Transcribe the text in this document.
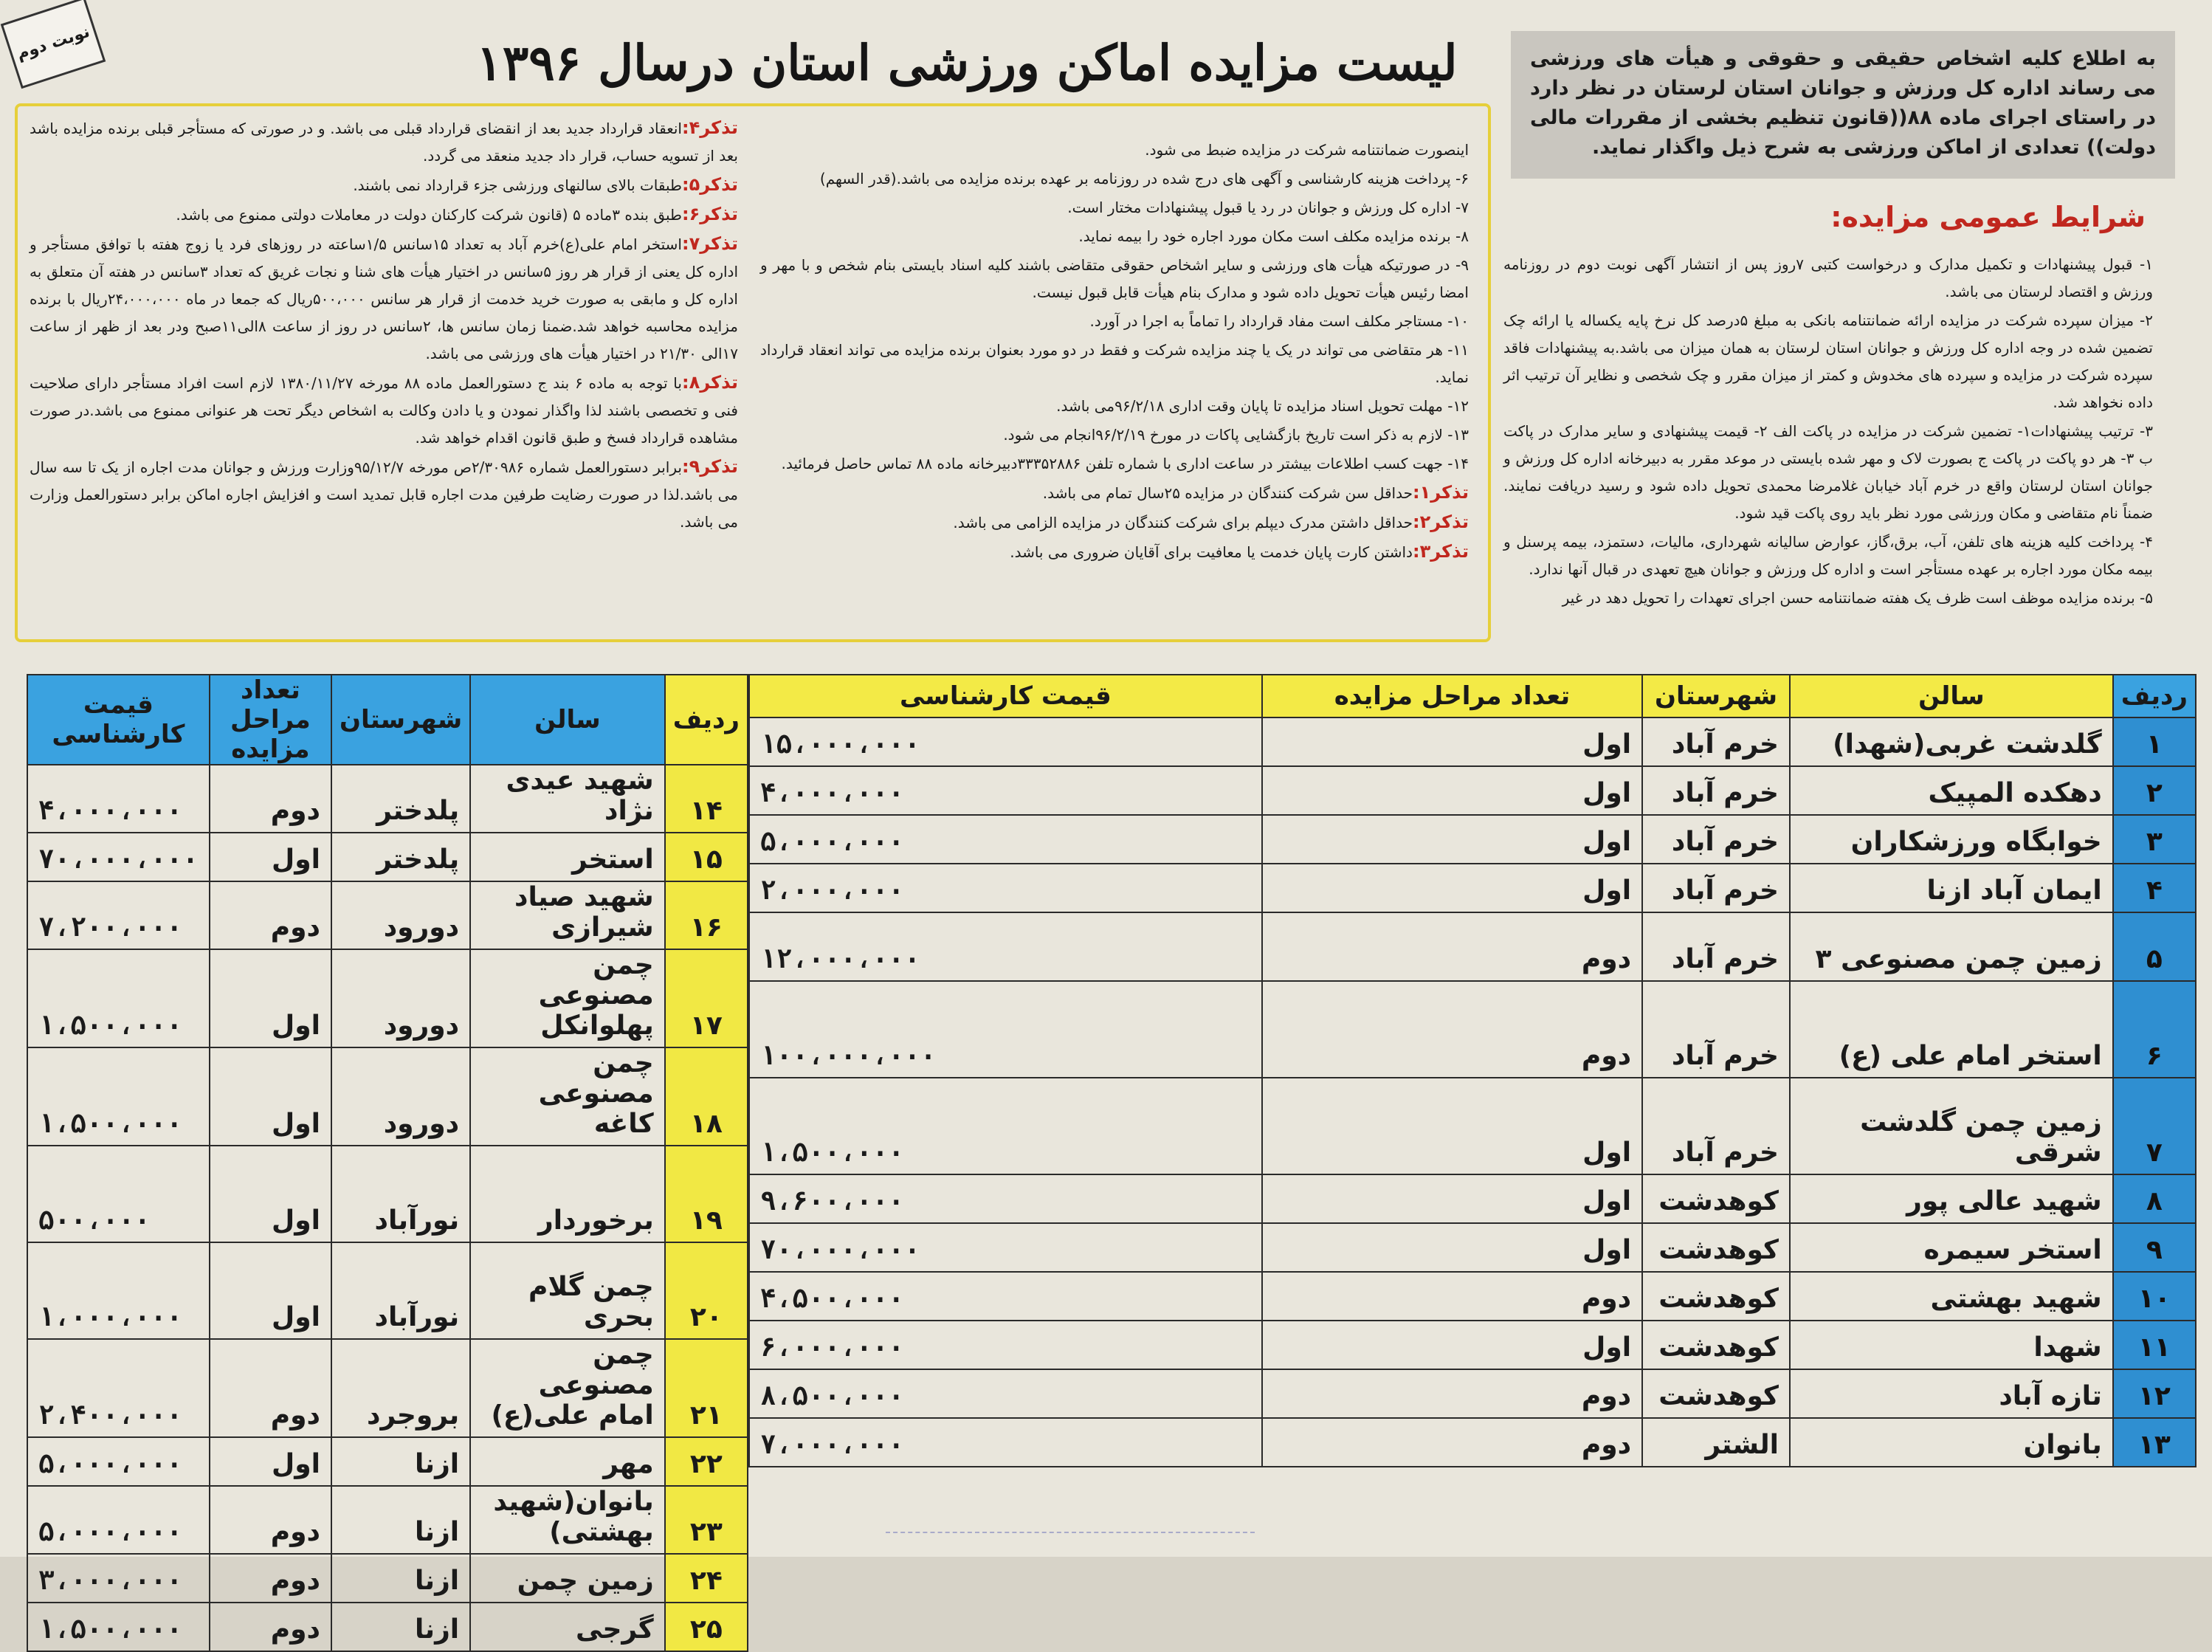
نوبت دوم	لیست مزایده اماکن ورزشی استان درسال ۱۳۹۶	به اطلاع کلیه اشخاص حقیقی و حقوقی و هیأت های ورزشی می رساند اداره کل ورزش و جوانان استان لرستان در نظر دارد در راستای اجرای ماده ۸۸((قانون تنظیم بخشی از مقررات مالی دولت)) تعدادی از اماکن ورزشی به شرح ذیل واگذار نماید.
شرایط عمومی مزایده:

۱- قبول پیشنهادات و تکمیل مدارک و درخواست کتبی ۷روز پس از انتشار آگهی نوبت دوم در روزنامه ورزش و اقتصاد لرستان می باشد.

۲- میزان سپرده شرکت در مزایده ارائه ضمانتنامه بانکی به مبلغ ۵درصد کل نرخ پایه یکساله یا ارائه چک تضمین شده در وجه اداره کل ورزش و جوانان استان لرستان به همان میزان می باشد.به پیشنهادات فاقد سپرده شرکت در مزایده و سپرده های مخدوش و کمتر از میزان مقرر و چک شخصی و نظایر آن ترتیب اثر داده نخواهد شد.

۳- ترتیب پیشنهادات۱- تضمین شرکت در مزایده در پاکت الف ۲- قیمت پیشنهادی و سایر مدارک در پاکت ب ۳- هر دو پاکت در پاکت ج بصورت لاک و مهر شده بایستی در موعد مقرر به دبیرخانه اداره کل ورزش و جوانان استان لرستان واقع در خرم آباد خیابان غلامرضا محمدی تحویل داده شود و رسید دریافت نمایند. ضمناً نام متقاضی و مکان ورزشی مورد نظر باید روی پاکت قید شود.

۴- پرداخت کلیه هزینه های تلفن، آب، برق،گاز، عوارض سالیانه شهرداری، مالیات، دستمزد، بیمه پرسنل و بیمه مکان مورد اجاره بر عهده مستأجر است و اداره کل ورزش و جوانان هیچ تعهدی در قبال آنها ندارد.

۵- برنده مزایده موظف است ظرف یک هفته ضمانتنامه حسن اجرای تعهدات را تحویل دهد در غیر

اینصورت ضمانتنامه شرکت در مزایده ضبط می شود.

۶- پرداخت هزینه کارشناسی و آگهی های درج شده در روزنامه بر عهده برنده مزایده می باشد.(قدر السهم)

۷- اداره کل ورزش و جوانان در رد یا قبول پیشنهادات مختار است.

۸- برنده مزایده مکلف است مکان مورد اجاره خود را بیمه نماید.

۹- در صورتیکه هیأت های ورزشی و سایر اشخاص حقوقی متقاضی باشند کلیه اسناد بایستی بنام شخص و با مهر و امضا رئیس هیأت تحویل داده شود و مدارک بنام هیأت قابل قبول نیست.

۱۰- مستاجر مکلف است مفاد قرارداد را تماماً به اجرا در آورد.

۱۱- هر متقاضی می تواند در یک یا چند مزایده شرکت و فقط در دو مورد بعنوان برنده مزایده می تواند انعقاد قرارداد نماید.

۱۲- مهلت تحویل اسناد مزایده تا پایان وقت اداری ۹۶/۲/۱۸می باشد.

۱۳- لازم به ذکر است تاریخ بازگشایی پاکات در مورخ ۹۶/۲/۱۹انجام می شود.

۱۴- جهت کسب اطلاعات بیشتر در ساعت اداری با شماره تلفن ۳۳۳۵۲۸۸۶دبیرخانه ماده ۸۸ تماس حاصل فرمائید.

تذکر۱:حداقل سن شرکت کنندگان در مزایده ۲۵سال تمام می باشد.

تذکر۲:حداقل داشتن مدرک دیپلم برای شرکت کنندگان در مزایده الزامی می باشد.

تذکر۳:داشتن کارت پایان خدمت یا معافیت برای آقایان ضروری می باشد.

تذکر۴:انعقاد قرارداد جدید بعد از انقضای قرارداد قبلی می باشد. و در صورتی که مستأجر قبلی برنده مزایده باشد بعد از تسویه حساب، قرار داد جدید منعقد می گردد.

تذکر۵:طبقات بالای سالنهای ورزشی جزء قرارداد نمی باشند.

تذکر۶:طبق بنده ۳ماده ۵ (قانون شرکت کارکنان دولت در معاملات دولتی ممنوع می باشد.

تذکر۷:استخر امام علی(ع)خرم آباد به تعداد ۱۵سانس ۱/۵ساعته در روزهای فرد یا زوج هفته با توافق مستأجر و اداره کل یعنی از قرار هر روز ۵سانس در اختیار هیأت های شنا و نجات غریق که تعداد ۳سانس در هفته آن متعلق به اداره کل و مابقی به صورت خرید خدمت از قرار هر سانس ۵۰۰،۰۰۰ریال که جمعا در ماه ۲۴،۰۰۰،۰۰۰ریال با برنده مزایده محاسبه خواهد شد.ضمنا زمان سانس ها، ۲سانس در روز از ساعت ۸الی۱۱صبح ودر بعد از ظهر از ساعت ۱۷الی ۲۱/۳۰ در اختیار هیأت های ورزشی می باشد.

تذکر۸:با توجه به ماده ۶ بند ج دستورالعمل ماده ۸۸ مورخه ۱۳۸۰/۱۱/۲۷ لازم است افراد مستأجر دارای صلاحیت فنی و تخصصی باشند لذا واگذار نمودن و یا دادن وکالت به اشخاص دیگر تحت هر عنوانی ممنوع می باشد.در صورت مشاهده قرارداد فسخ و طبق قانون اقدام خواهد شد.

تذکر۹:برابر دستورالعمل شماره ۲/۳۰۹۸۶ص مورخه ۹۵/۱۲/۷وزارت ورزش و جوانان مدت اجاره از یک تا سه سال می باشد.لذا در صورت رضایت طرفین مدت اجاره قابل تمدید است و افزایش اجاره اماکن برابر دستورالعمل وزارت می باشد.

ردیف	سالن	شهرستان	تعداد مراحل مزایده	قیمت کارشناسی
۱	گلدشت غربی(شهدا)	خرم آباد	اول	۱۵،۰۰۰،۰۰۰
۲	دهکده المپیک	خرم آباد	اول	۴،۰۰۰،۰۰۰
۳	خوابگاه ورزشکاران	خرم آباد	اول	۵،۰۰۰،۰۰۰
۴	ایمان آباد ازنا	خرم آباد	اول	۲،۰۰۰،۰۰۰
۵	زمین چمن مصنوعی ۳	خرم آباد	دوم	۱۲،۰۰۰،۰۰۰
۶	استخر امام علی (ع)	خرم آباد	دوم	۱۰۰،۰۰۰،۰۰۰
۷	زمین چمن گلدشت شرقی	خرم آباد	اول	۱،۵۰۰،۰۰۰
۸	شهید عالی پور	کوهدشت	اول	۹،۶۰۰،۰۰۰
۹	استخر سیمره	کوهدشت	اول	۷۰،۰۰۰،۰۰۰
۱۰	شهید بهشتی	کوهدشت	دوم	۴،۵۰۰،۰۰۰
۱۱	شهدا	کوهدشت	اول	۶،۰۰۰،۰۰۰
۱۲	تازه آباد	کوهدشت	دوم	۸،۵۰۰،۰۰۰
۱۳	بانوان	الشتر	دوم	۷،۰۰۰،۰۰۰
ردیف	سالن	شهرستان	تعداد مراحل مزایده	قیمت کارشناسی
۱۴	شهید عیدی نژاد	پلدختر	دوم	۴،۰۰۰،۰۰۰
۱۵	استخر	پلدختر	اول	۷۰،۰۰۰،۰۰۰
۱۶	شهید صیاد شیرازی	دورود	دوم	۷،۲۰۰،۰۰۰
۱۷	چمن مصنوعی پهلوانکل	دورود	اول	۱،۵۰۰،۰۰۰
۱۸	چمن مصنوعی کاغه	دورود	اول	۱،۵۰۰،۰۰۰
۱۹	برخوردار	نورآباد	اول	۵۰۰،۰۰۰
۲۰	چمن گلام بحری	نورآباد	اول	۱،۰۰۰،۰۰۰
۲۱	چمن مصنوعی امام علی(ع)	بروجرد	دوم	۲،۴۰۰،۰۰۰
۲۲	مهر	ازنا	اول	۵،۰۰۰،۰۰۰
۲۳	بانوان(شهید بهشتی)	ازنا	دوم	۵،۰۰۰،۰۰۰
۲۴	زمین چمن	ازنا	دوم	۳،۰۰۰،۰۰۰
۲۵	گرجی	ازنا	دوم	۱،۵۰۰،۰۰۰
